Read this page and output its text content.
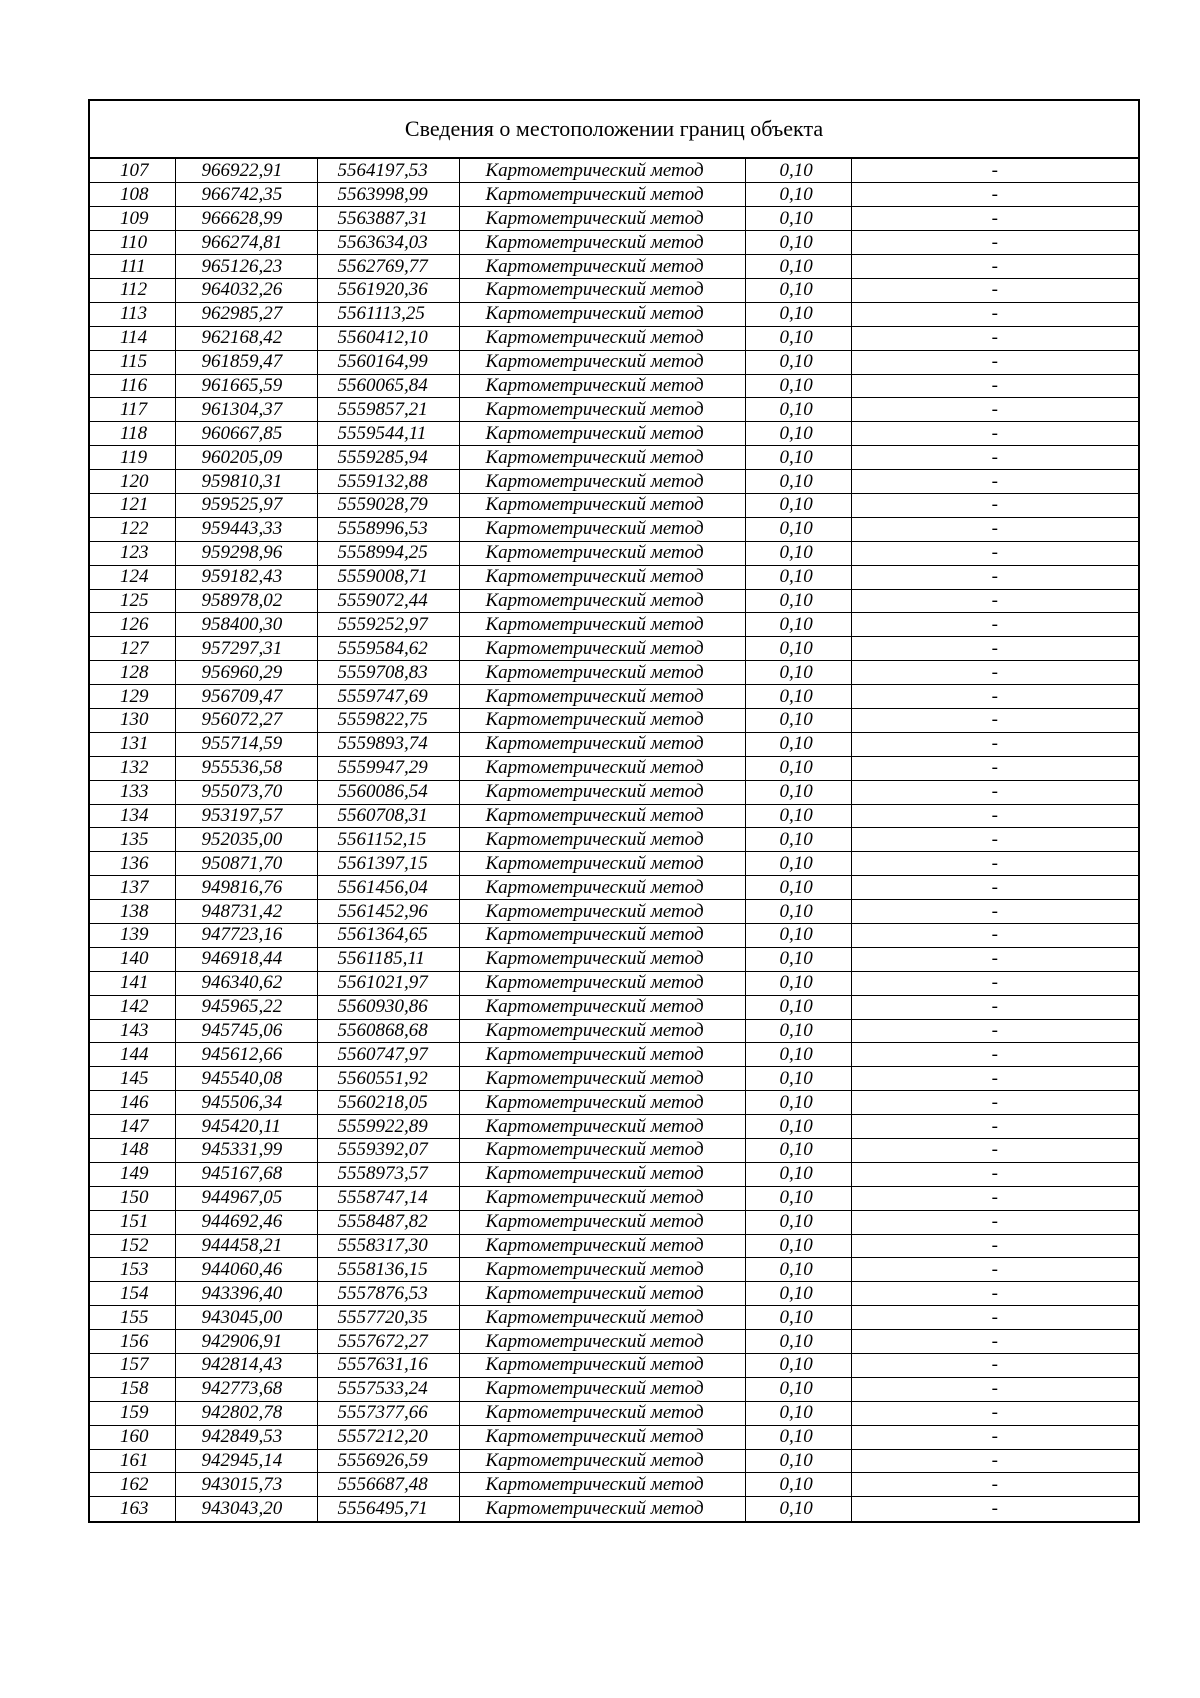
Сведения о местоположении границ объекта
107	966922,91	5564197,53	Картометрический метод	0,10	-
108	966742,35	5563998,99	Картометрический метод	0,10	-
109	966628,99	5563887,31	Картометрический метод	0,10	-
110	966274,81	5563634,03	Картометрический метод	0,10	-
111	965126,23	5562769,77	Картометрический метод	0,10	-
112	964032,26	5561920,36	Картометрический метод	0,10	-
113	962985,27	5561113,25	Картометрический метод	0,10	-
114	962168,42	5560412,10	Картометрический метод	0,10	-
115	961859,47	5560164,99	Картометрический метод	0,10	-
116	961665,59	5560065,84	Картометрический метод	0,10	-
117	961304,37	5559857,21	Картометрический метод	0,10	-
118	960667,85	5559544,11	Картометрический метод	0,10	-
119	960205,09	5559285,94	Картометрический метод	0,10	-
120	959810,31	5559132,88	Картометрический метод	0,10	-
121	959525,97	5559028,79	Картометрический метод	0,10	-
122	959443,33	5558996,53	Картометрический метод	0,10	-
123	959298,96	5558994,25	Картометрический метод	0,10	-
124	959182,43	5559008,71	Картометрический метод	0,10	-
125	958978,02	5559072,44	Картометрический метод	0,10	-
126	958400,30	5559252,97	Картометрический метод	0,10	-
127	957297,31	5559584,62	Картометрический метод	0,10	-
128	956960,29	5559708,83	Картометрический метод	0,10	-
129	956709,47	5559747,69	Картометрический метод	0,10	-
130	956072,27	5559822,75	Картометрический метод	0,10	-
131	955714,59	5559893,74	Картометрический метод	0,10	-
132	955536,58	5559947,29	Картометрический метод	0,10	-
133	955073,70	5560086,54	Картометрический метод	0,10	-
134	953197,57	5560708,31	Картометрический метод	0,10	-
135	952035,00	5561152,15	Картометрический метод	0,10	-
136	950871,70	5561397,15	Картометрический метод	0,10	-
137	949816,76	5561456,04	Картометрический метод	0,10	-
138	948731,42	5561452,96	Картометрический метод	0,10	-
139	947723,16	5561364,65	Картометрический метод	0,10	-
140	946918,44	5561185,11	Картометрический метод	0,10	-
141	946340,62	5561021,97	Картометрический метод	0,10	-
142	945965,22	5560930,86	Картометрический метод	0,10	-
143	945745,06	5560868,68	Картометрический метод	0,10	-
144	945612,66	5560747,97	Картометрический метод	0,10	-
145	945540,08	5560551,92	Картометрический метод	0,10	-
146	945506,34	5560218,05	Картометрический метод	0,10	-
147	945420,11	5559922,89	Картометрический метод	0,10	-
148	945331,99	5559392,07	Картометрический метод	0,10	-
149	945167,68	5558973,57	Картометрический метод	0,10	-
150	944967,05	5558747,14	Картометрический метод	0,10	-
151	944692,46	5558487,82	Картометрический метод	0,10	-
152	944458,21	5558317,30	Картометрический метод	0,10	-
153	944060,46	5558136,15	Картометрический метод	0,10	-
154	943396,40	5557876,53	Картометрический метод	0,10	-
155	943045,00	5557720,35	Картометрический метод	0,10	-
156	942906,91	5557672,27	Картометрический метод	0,10	-
157	942814,43	5557631,16	Картометрический метод	0,10	-
158	942773,68	5557533,24	Картометрический метод	0,10	-
159	942802,78	5557377,66	Картометрический метод	0,10	-
160	942849,53	5557212,20	Картометрический метод	0,10	-
161	942945,14	5556926,59	Картометрический метод	0,10	-
162	943015,73	5556687,48	Картометрический метод	0,10	-
163	943043,20	5556495,71	Картометрический метод	0,10	-
